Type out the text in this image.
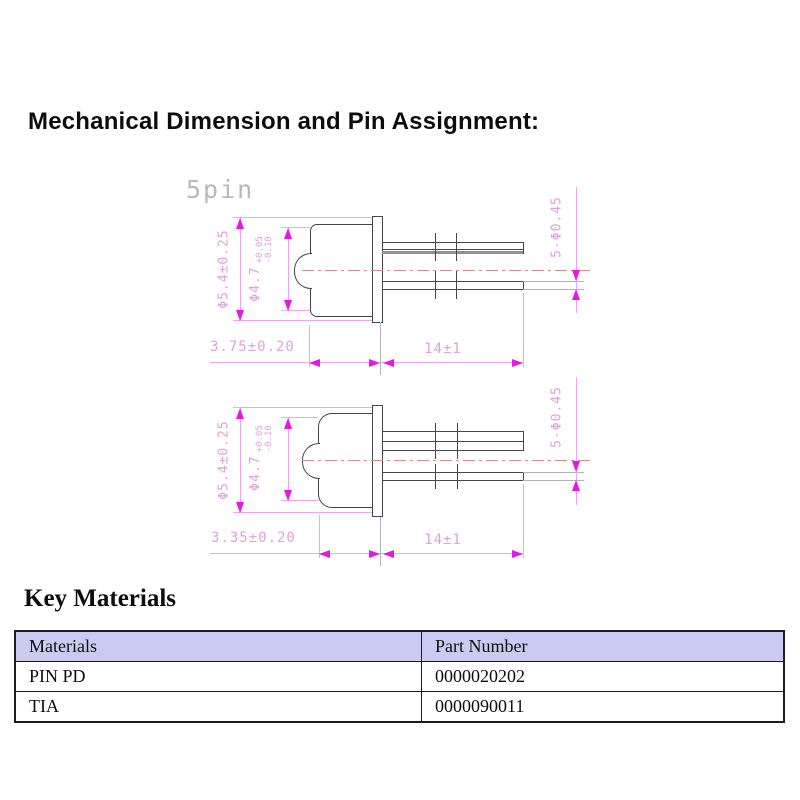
Mechanical Dimension and Pin Assignment:
5pin
Φ5.4±0.25 Φ4.7
+0.05 -0.10	5-Φ0.45
3.75±0.20	14±1
Φ5.4±0.25 Φ4.7
+0.05 -0.10	5-Φ0.45
3.35±0.20	14±1
Key Materials
Materials	Part Number
PIN PD	0000020202
TIA	0000090011
